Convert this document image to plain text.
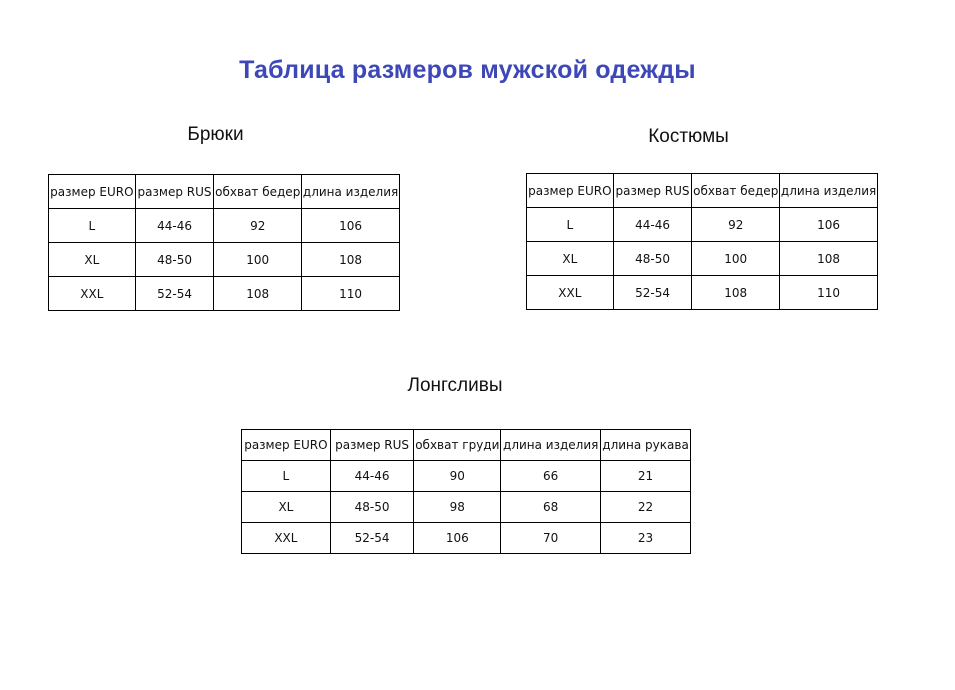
Таблица размеров мужской одежды
Брюки
размер EURO	размер RUS	обхват бедер	длина изделия
L	44-46	92	106
XL	48-50	100	108
XXL	52-54	108	110
Костюмы
размер EURO	размер RUS	обхват бедер	длина изделия
L	44-46	92	106
XL	48-50	100	108
XXL	52-54	108	110
Лонгсливы
размер EURO	размер RUS	обхват груди	длина изделия	длина рукава
L	44-46	90	66	21
XL	48-50	98	68	22
XXL	52-54	106	70	23
